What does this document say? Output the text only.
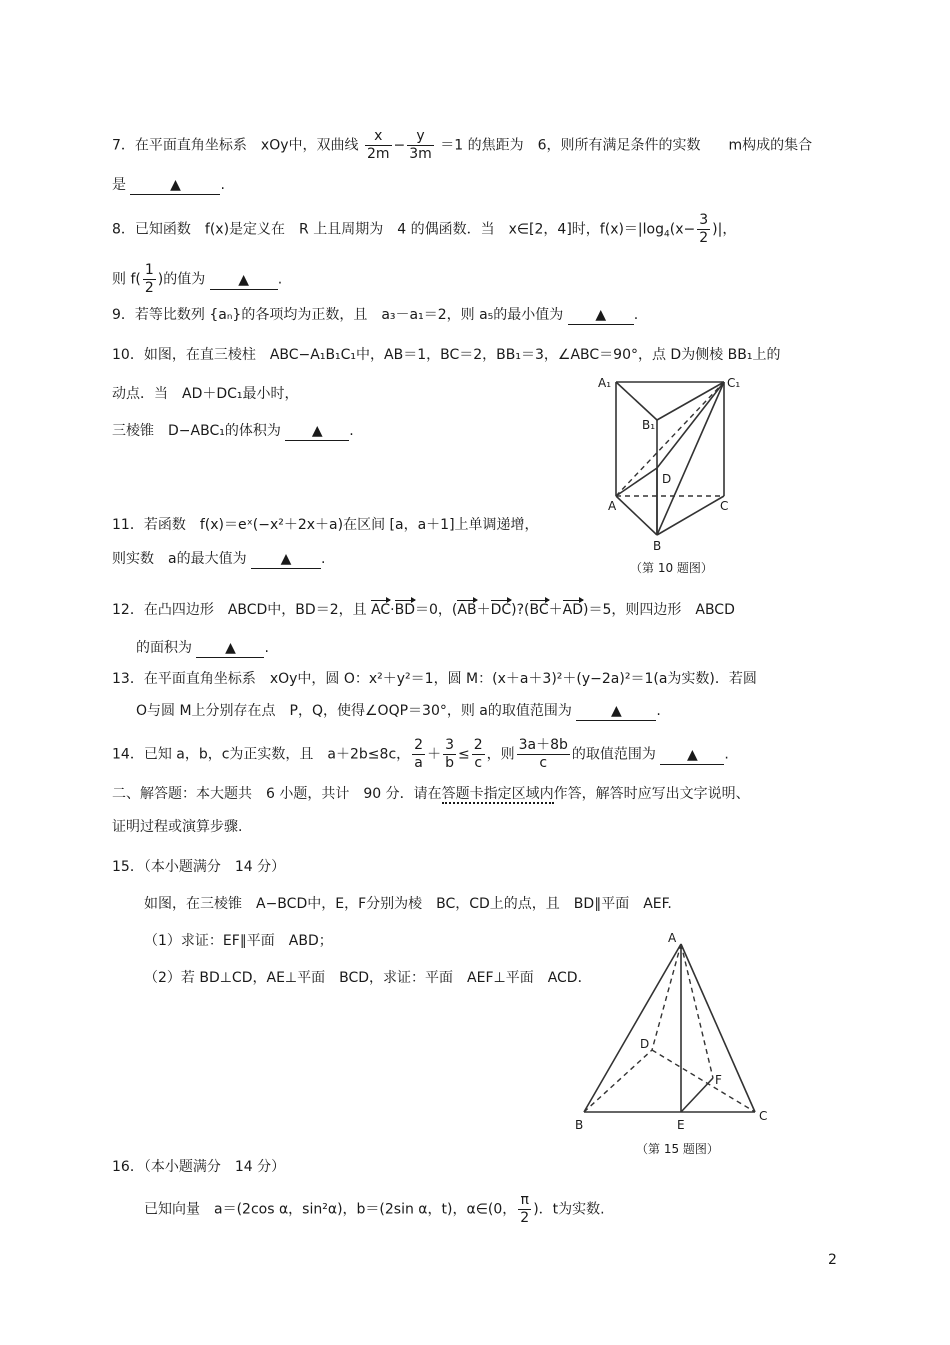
7．在平面直角坐标系　xOy中，双曲线 $\frac{x}{2m} - \frac{y}{3m} =1$ 的焦距为　6，则所有满足条件的实数　　m构成的集合
是	▲	.
8．已知函数　f(x)是定义在　R 上且周期为　4 的偶函数．当　x∈[2，4]时，$f(x)=|\log_4(x- \frac{3}{2}$ )|，
则 $f( \frac{1}{2}$ )的值为 ▲ .
9．若等比数列 {aₙ}的各项均为正数，且　a₃－a₁＝2，则 a₅的最小值为 ▲ .
10．如图，在直三棱柱　ABC−A₁B₁C₁中，AB＝1，BC＝2，BB₁＝3，∠ABC＝90°，点 D为侧棱 BB₁上的
动点．当　AD＋DC₁最小时，
三棱锥　D−ABC₁的体积为 ▲ .
A₁	C₁
B₁
D
A	C
B
（第 10 题图）
11．若函数　f(x)＝eˣ(−x²＋2x＋a)在区间 [a，a＋1]上单调递增，
则实数　a的最大值为 ▲ .
12．在凸四边形　ABCD中，BD＝2，且 AC·BD＝0，(AB＋DC)?(BC＋AD)＝5，则四边形　ABCD
的面积为 ▲ .
13．在平面直角坐标系　xOy中，圆 O：x²＋y²＝1，圆 M：(x＋a＋3)²＋(y−2a)²＝1(a为实数)．若圆
O与圆 M上分别存在点　P，Q，使得∠OQP＝30°，则 a的取值范围为	▲ .
14．已知 a，b，c为正实数，且　a＋2b≤8c， $\frac{2}{a} + \frac{3}{b} \le \frac{2}{c}$ ，则 $\frac{3a+8b}{c}$ 的取值范围为 ▲ .
二、解答题：本大题共　6 小题，共计　90 分．请在答题卡指定区域内作答，解答时应写出文字说明、
证明过程或演算步骤.
15．（本小题满分　14 分）
如图，在三棱锥　A−BCD中，E，F分别为棱　BC，CD上的点，且　BD∥平面　AEF.
（1）求证：EF∥平面　ABD；
（2）若 BD⊥CD，AE⊥平面　BCD，求证：平面　AEF⊥平面　ACD．
A
D
F
B	E
C
（第 15 题图）
16．（本小题满分　14 分）
已知向量　a＝(2cos α，sin²α)，b＝(2sin α，t)，α∈(0， $\frac{\pi}{2}$ )．t为实数.
2
